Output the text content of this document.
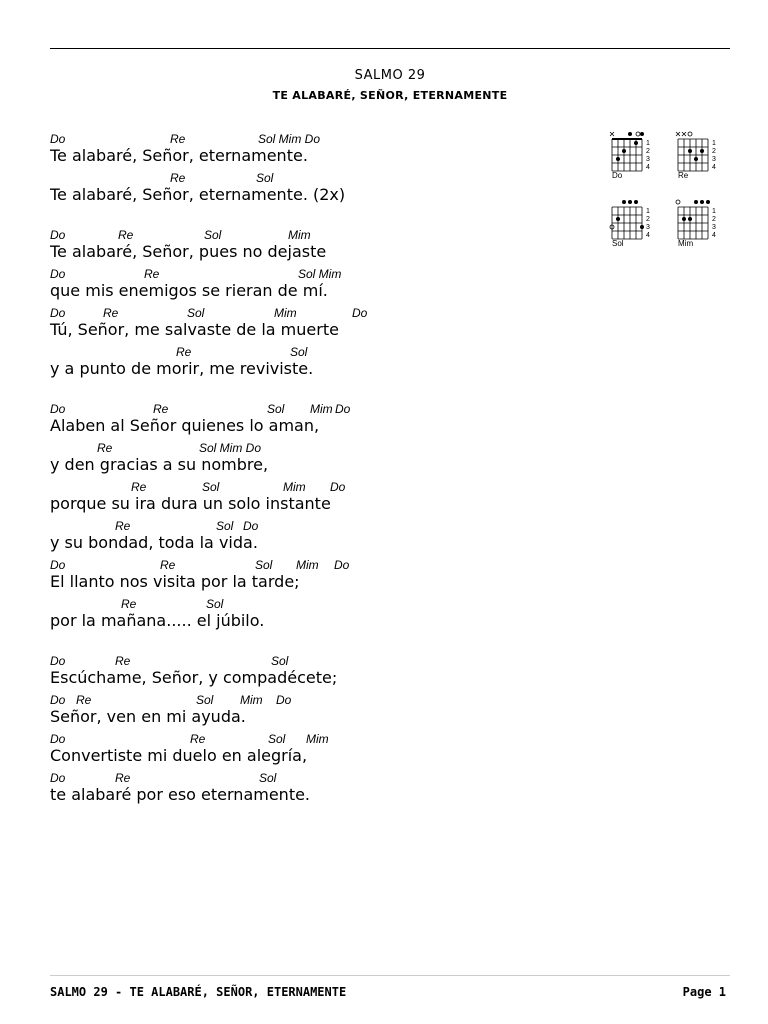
SALMO 29
TE ALABARÉ, SEÑOR, ETERNAMENTE
Do	Re	Sol Mim Do
Te alabaré, Señor, eternamente.
Re	Sol
Te alabaré, Señor, eternamente. (2x)
Do	Re	Sol	Mim
Te alabaré, Señor, pues no dejaste
Do	Re	Sol Mim
que mis enemigos se rieran de mí.
Do	Re	Sol	Mim	Do
Tú, Señor, me salvaste de la muerte
Re	Sol
y a punto de morir, me reviviste.
Do	Re	Sol Mim Do
Alaben al Señor quienes lo aman,
Re	Sol Mim Do
y den gracias a su nombre,
Re	Sol	Mim Do
porque su ira dura un solo instante
Re	Sol Do
y su bondad, toda la vida.
Do	Re	Sol Mim Do
El llanto nos visita por la tarde;
Re	Sol
por la mañana..... el júbilo.
Do	Re	Sol
Escúchame, Señor, y compadécete;
Do Re	Sol Mim Do
Señor, ven en mi ayuda.
Do	Re	Sol Mim
Convertiste mi duelo en alegría,
Do	Re	Sol
te alabaré por eso eternamente.
1
2
3
4
Do
1
2
3
4
Re
1
2
3
4
Sol
1
2
3
4
Mim
SALMO 29 - TE ALABARÉ, SEÑOR, ETERNAMENTE	Page 1
